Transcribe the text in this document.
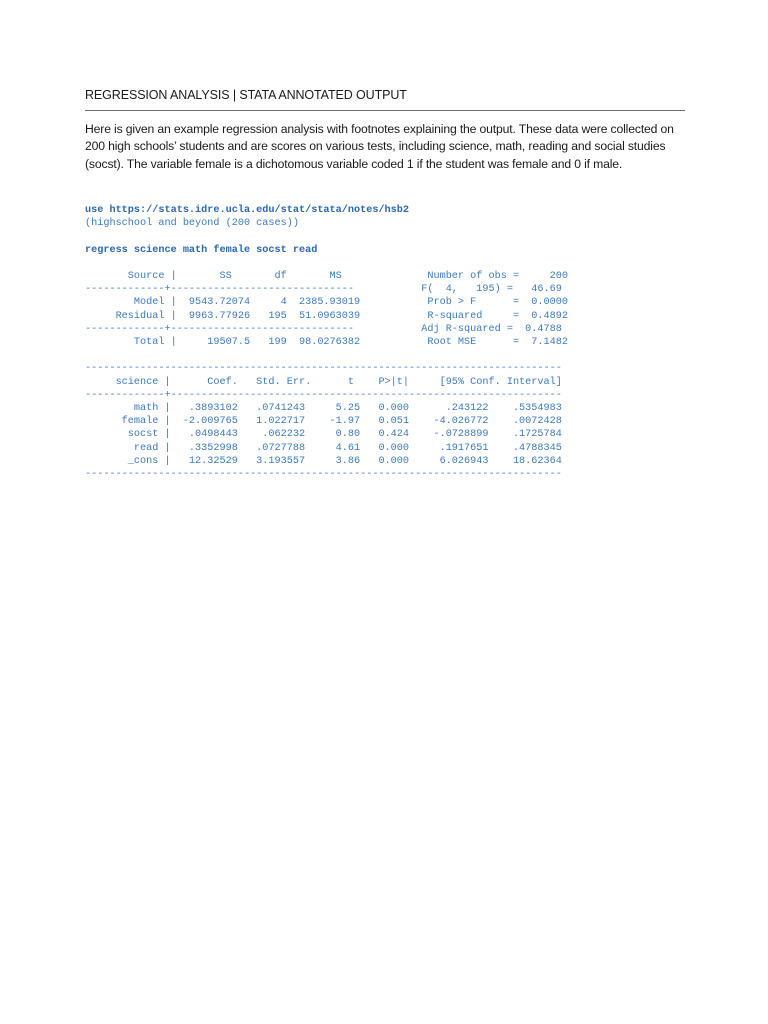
REGRESSION ANALYSIS | STATA ANNOTATED OUTPUT

Here is given an example regression analysis with footnotes explaining the output. These data were collected on 200 high schools’ students and are scores on various tests, including science, math, reading and social studies (socst). The variable female is a dichotomous variable coded 1 if the student was female and 0 if male.

use https://stats.idre.ucla.edu/stat/stata/notes/hsb2
(highschool and beyond (200 cases))

regress science math female socst read

Source |       SS       df       MS              Number of obs =     200
-------------+------------------------------           F(  4,   195) =   46.69
Model |  9543.72074     4  2385.93019           Prob > F      =  0.0000
Residual |  9963.77926   195  51.0963039           R-squared     =  0.4892
-------------+------------------------------           Adj R-squared =  0.4788
Total |     19507.5   199  98.0276382           Root MSE      =  7.1482

------------------------------------------------------------------------------
science |      Coef.   Std. Err.      t    P>|t|     [95% Conf. Interval]
-------------+----------------------------------------------------------------
math |   .3893102   .0741243     5.25   0.000      .243122    .5354983
female |  -2.009765   1.022717    -1.97   0.051    -4.026772    .0072428
socst |   .0498443    .062232     0.80   0.424    -.0728899    .1725784
read |   .3352998   .0727788     4.61   0.000     .1917651    .4788345
_cons |   12.32529   3.193557     3.86   0.000     6.026943    18.62364
------------------------------------------------------------------------------
